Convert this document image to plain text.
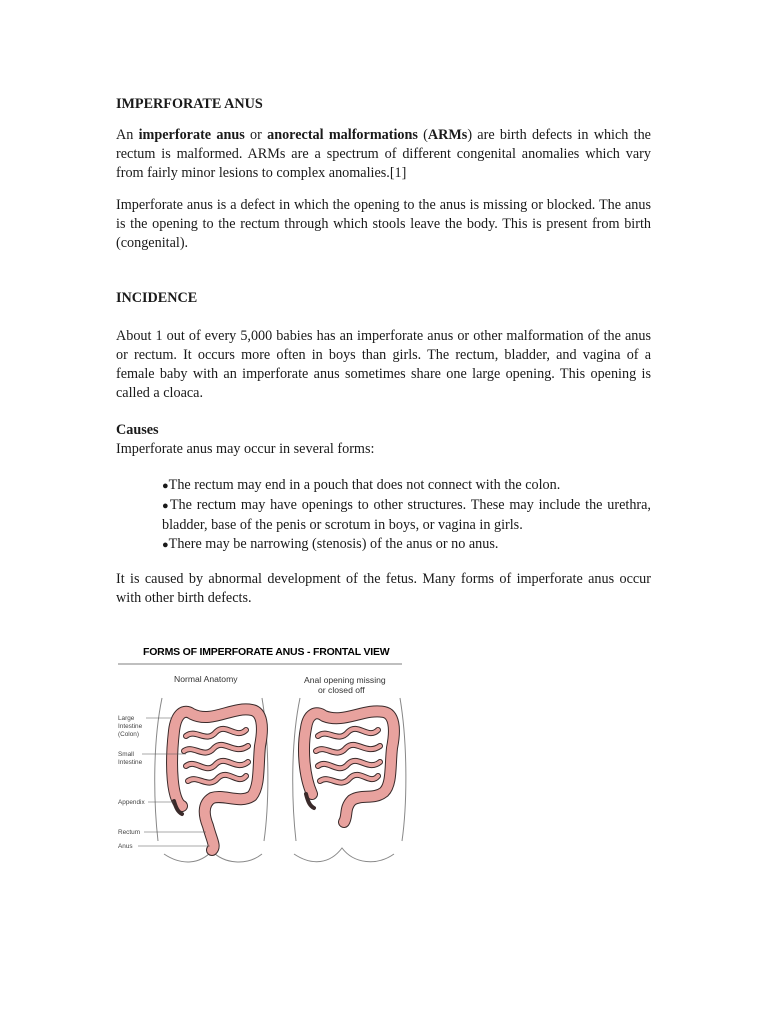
IMPERFORATE ANUS

An imperforate anus or anorectal malformations (ARMs) are birth defects in which the rectum is malformed. ARMs are a spectrum of different congenital anomalies which vary from fairly minor lesions to complex anomalies.[1]

Imperforate anus is a defect in which the opening to the anus is missing or blocked. The anus is the opening to the rectum through which stools leave the body. This is present from birth (congenital).

INCIDENCE

About 1 out of every 5,000 babies has an imperforate anus or other malformation of the anus or rectum. It occurs more often in boys than girls. The rectum, bladder, and vagina of a female baby with an imperforate anus sometimes share one large opening. This opening is called a cloaca.

Causes

Imperforate anus may occur in several forms:

●The rectum may end in a pouch that does not connect with the colon.
●The rectum may have openings to other structures. These may include the urethra, bladder, base of the penis or scrotum in boys, or vagina in girls.
●There may be narrowing (stenosis) of the anus or no anus.

It is caused by abnormal development of the fetus. Many forms of imperforate anus occur with other birth defects.

FORMS OF IMPERFORATE ANUS - FRONTAL VIEW
Normal Anatomy	Anal opening missing
or closed off
Large
Intestine
(Colon)
Small
Intestine
Appendix
Rectum
Anus
